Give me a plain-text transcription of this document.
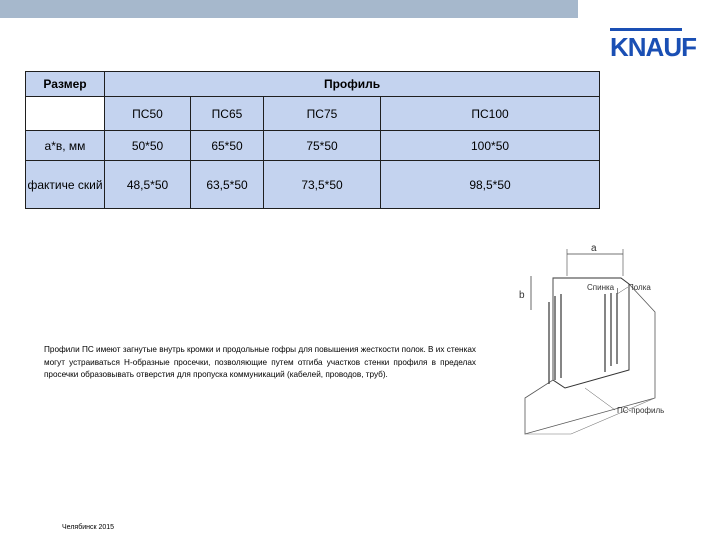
KNAUF
Размер	Профиль			
	ПС50	ПС65	ПС75	ПС100
а*в, мм	50*50	65*50	75*50	100*50
фактиче ский	48,5*50	63,5*50	73,5*50	98,5*50
Профили ПС имеют загнутые внутрь кромки и продольные гофры для повышения жесткости полок. В их стенках могут устраиваться Н-образные просечки, позволяющие путем отгиба участков стенки профиля в пределах просечки образовывать отверстия для пропуска коммуникаций (кабелей, проводов, труб).
а
b
Спинка Полка
ПС-профиль
Челябинск 2015
